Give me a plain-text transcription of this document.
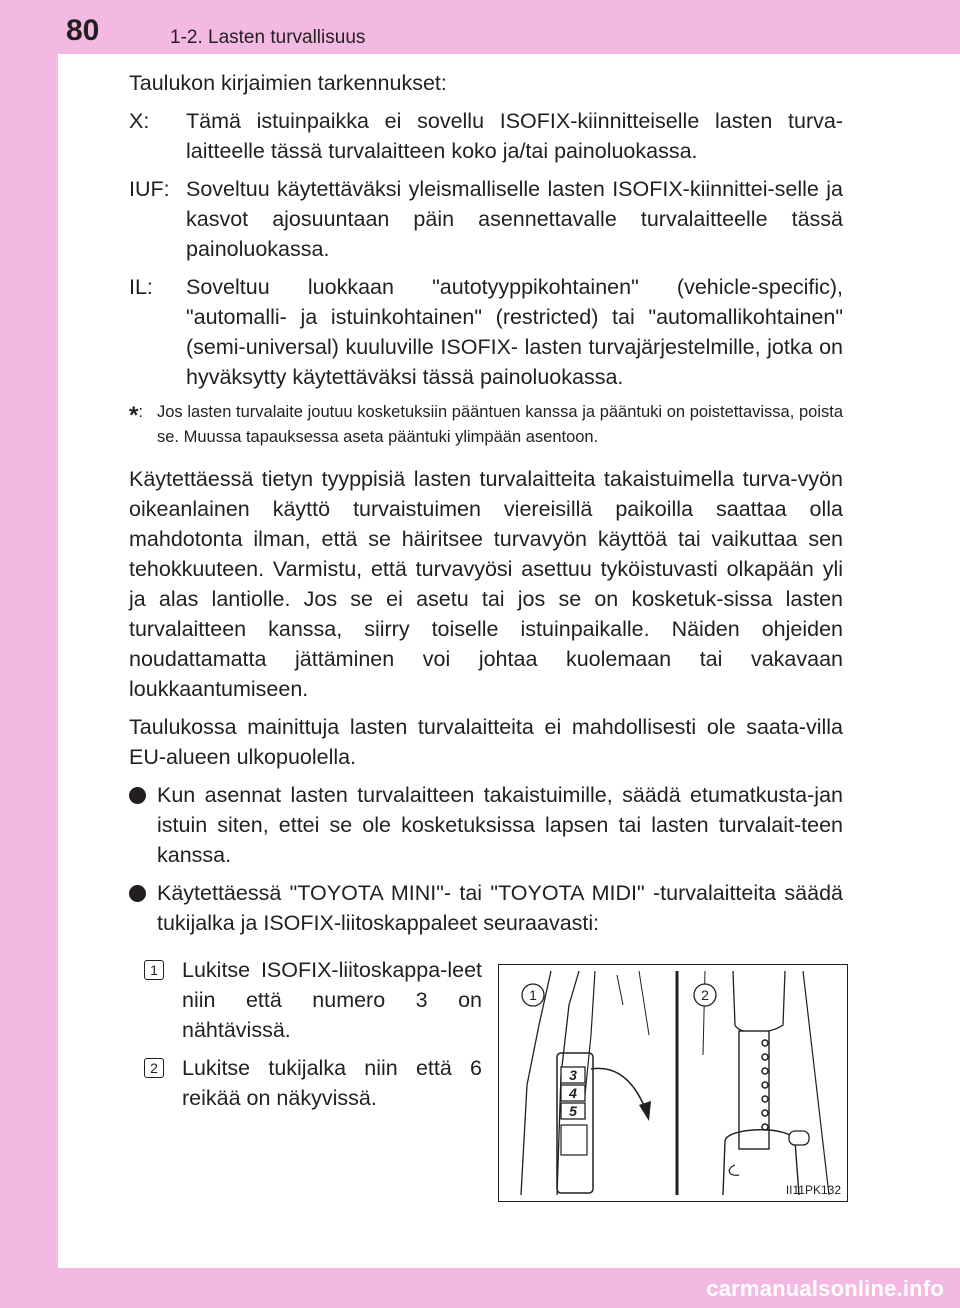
80	1-2. Lasten turvallisuus
Taulukon kirjaimien tarkennukset:
X: Tämä istuinpaikka ei sovellu ISOFIX-kiinnitteiselle lasten turva-laitteelle tässä turvalaitteen koko ja/tai painoluokassa.
IUF: Soveltuu käytettäväksi yleismalliselle lasten ISOFIX-kiinnittei-selle ja kasvot ajosuuntaan päin asennettavalle turvalaitteelle tässä painoluokassa.
IL: Soveltuu luokkaan "autotyyppikohtainen" (vehicle-specific), "automalli- ja istuinkohtainen" (restricted) tai "automallikohtainen" (semi-universal) kuuluville ISOFIX- lasten turvajärjestelmille, jotka on hyväksytty käytettäväksi tässä painoluokassa.
*: Jos lasten turvalaite joutuu kosketuksiin pääntuen kanssa ja pääntuki on poistettavissa, poista se. Muussa tapauksessa aseta pääntuki ylimpään asentoon.
Käytettäessä tietyn tyyppisiä lasten turvalaitteita takaistuimella turva-vyön oikeanlainen käyttö turvaistuimen viereisillä paikoilla saattaa olla mahdotonta ilman, että se häiritsee turvavyön käyttöä tai vaikuttaa sen tehokkuuteen. Varmistu, että turvavyösi asettuu tyköistuvasti olkapään yli ja alas lantiolle. Jos se ei asetu tai jos se on kosketuk-sissa lasten turvalaitteen kanssa, siirry toiselle istuinpaikalle. Näiden ohjeiden noudattamatta jättäminen voi johtaa kuolemaan tai vakavaan loukkaantumiseen.
Taulukossa mainittuja lasten turvalaitteita ei mahdollisesti ole saata-villa EU-alueen ulkopuolella.
Kun asennat lasten turvalaitteen takaistuimille, säädä etumatkusta-jan istuin siten, ettei se ole kosketuksissa lapsen tai lasten turvalait-teen kanssa.
Käytettäessä "TOYOTA MINI"- tai "TOYOTA MIDI" -turvalaitteita säädä tukijalka ja ISOFIX-liitoskappaleet seuraavasti:
1 Lukitse ISOFIX-liitoskappa-leet niin että numero 3 on nähtävissä.
2 Lukitse tukijalka niin että 6 reikää on näkyvissä.
3
4
5
1	2
II11PK132
carmanualsonline.info
